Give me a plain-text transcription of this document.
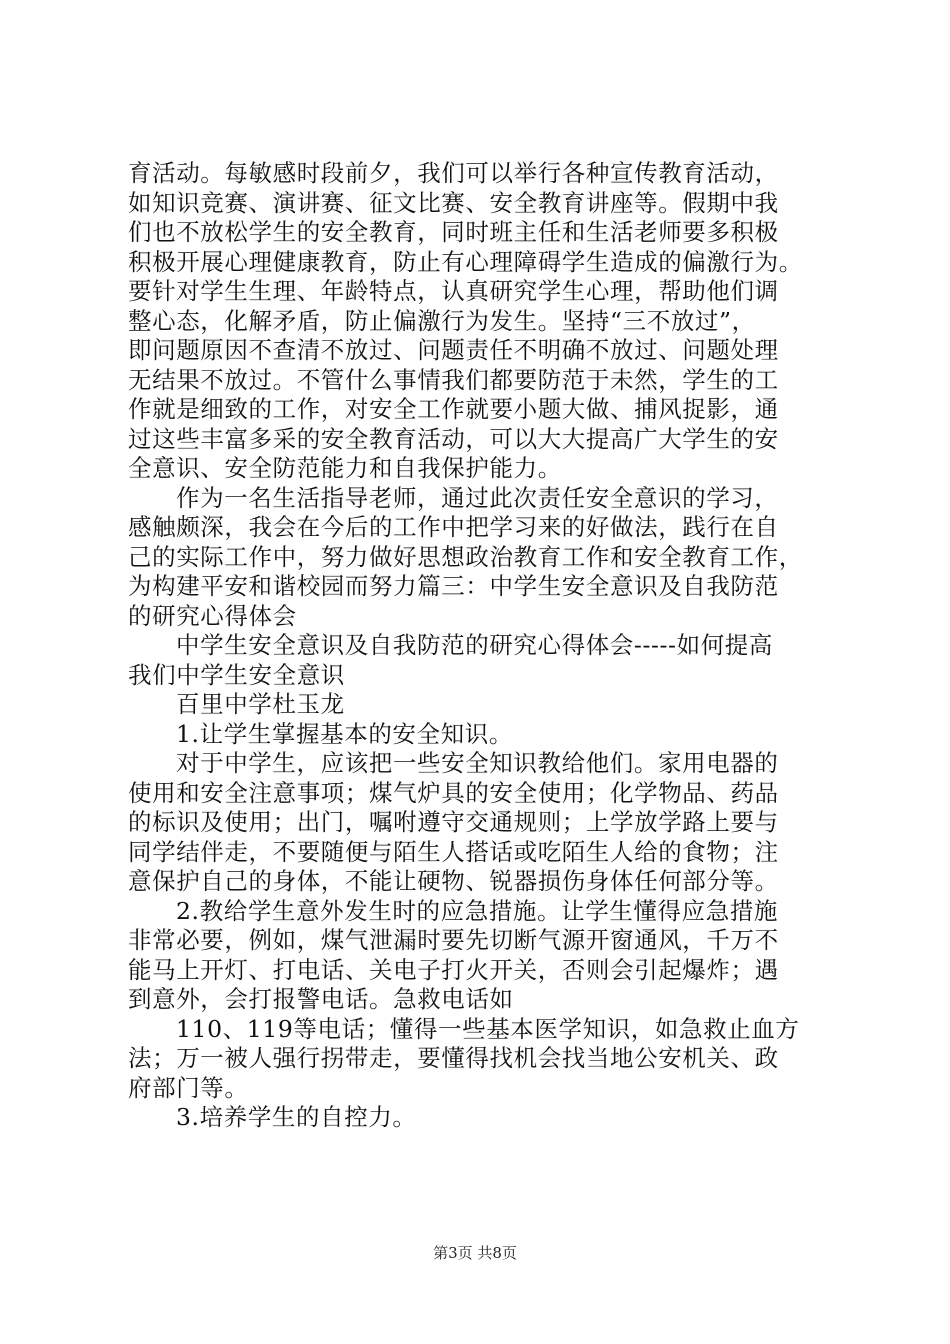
育活动。每敏感时段前夕，我们可以举行各种宣传教育活动，
如知识竞赛、演讲赛、征文比赛、安全教育讲座等。假期中我
们也不放松学生的安全教育，同时班主任和生活老师要多积极
积极开展心理健康教育，防止有心理障碍学生造成的偏激行为。
要针对学生生理、年龄特点，认真研究学生心理，帮助他们调
整心态，化解矛盾，防止偏激行为发生。坚持“三不放过”，
即问题原因不查清不放过、问题责任不明确不放过、问题处理
无结果不放过。不管什么事情我们都要防范于未然，学生的工
作就是细致的工作，对安全工作就要小题大做、捕风捉影，通
过这些丰富多采的安全教育活动，可以大大提高广大学生的安
全意识、安全防范能力和自我保护能力。
作为一名生活指导老师，通过此次责任安全意识的学习，
感触颇深，我会在今后的工作中把学习来的好做法，践行在自
己的实际工作中，努力做好思想政治教育工作和安全教育工作，
为构建平安和谐校园而努力篇三：中学生安全意识及自我防范
的研究心得体会
中学生安全意识及自我防范的研究心得体会-----如何提高
我们中学生安全意识
百里中学杜玉龙
1.让学生掌握基本的安全知识。
对于中学生，应该把一些安全知识教给他们。家用电器的
使用和安全注意事项；煤气炉具的安全使用；化学物品、药品
的标识及使用；出门，嘱咐遵守交通规则；上学放学路上要与
同学结伴走，不要随便与陌生人搭话或吃陌生人给的食物；注
意保护自己的身体，不能让硬物、锐器损伤身体任何部分等。
2.教给学生意外发生时的应急措施。让学生懂得应急措施
非常必要，例如，煤气泄漏时要先切断气源开窗通风，千万不
能马上开灯、打电话、关电子打火开关，否则会引起爆炸；遇
到意外，会打报警电话。急救电话如
110、119等电话；懂得一些基本医学知识，如急救止血方
法；万一被人强行拐带走，要懂得找机会找当地公安机关、政
府部门等。
3.培养学生的自控力。
第3页 共8页
